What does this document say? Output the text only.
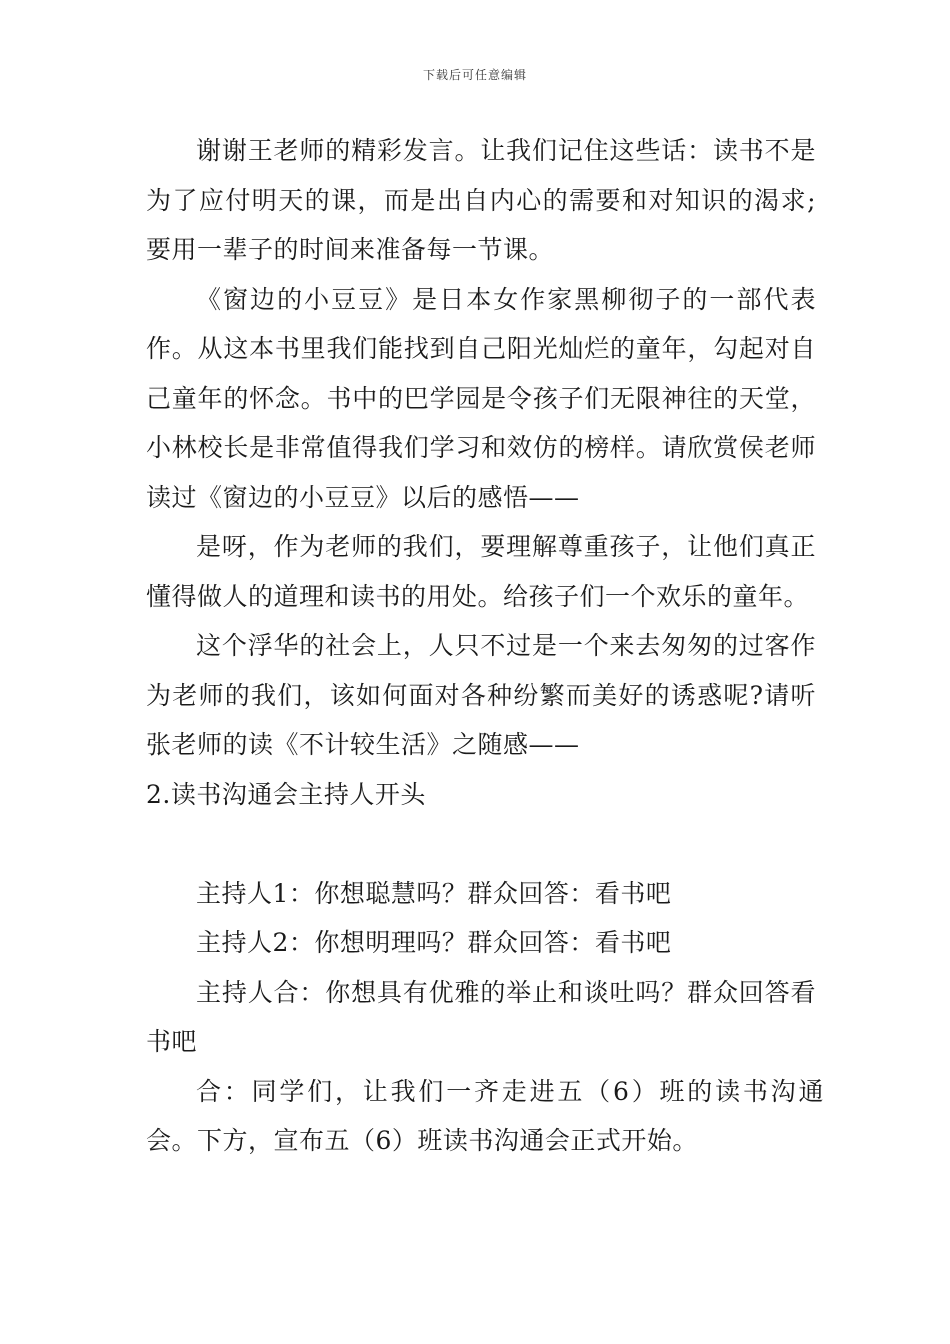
下载后可任意编辑

谢谢王老师的精彩发言。让我们记住这些话：读书不是为了应付明天的课，而是出自内心的需要和对知识的渴求;要用一辈子的时间来准备每一节课。

《窗边的小豆豆》是日本女作家黑柳彻子的一部代表作。从这本书里我们能找到自己阳光灿烂的童年，勾起对自己童年的怀念。书中的巴学园是令孩子们无限神往的天堂，小林校长是非常值得我们学习和效仿的榜样。请欣赏侯老师读过《窗边的小豆豆》以后的感悟——

是呀，作为老师的我们，要理解尊重孩子，让他们真正懂得做人的道理和读书的用处。给孩子们一个欢乐的童年。

这个浮华的社会上，人只不过是一个来去匆匆的过客作为老师的我们，该如何面对各种纷繁而美好的诱惑呢?请听张老师的读《不计较生活》之随感——

2.读书沟通会主持人开头

主持人1：你想聪慧吗？群众回答：看书吧

主持人2：你想明理吗？群众回答：看书吧

主持人合：你想具有优雅的举止和谈吐吗？群众回答看书吧

合：同学们，让我们一齐走进五（6）班的读书沟通会。下方，宣布五（6）班读书沟通会正式开始。
